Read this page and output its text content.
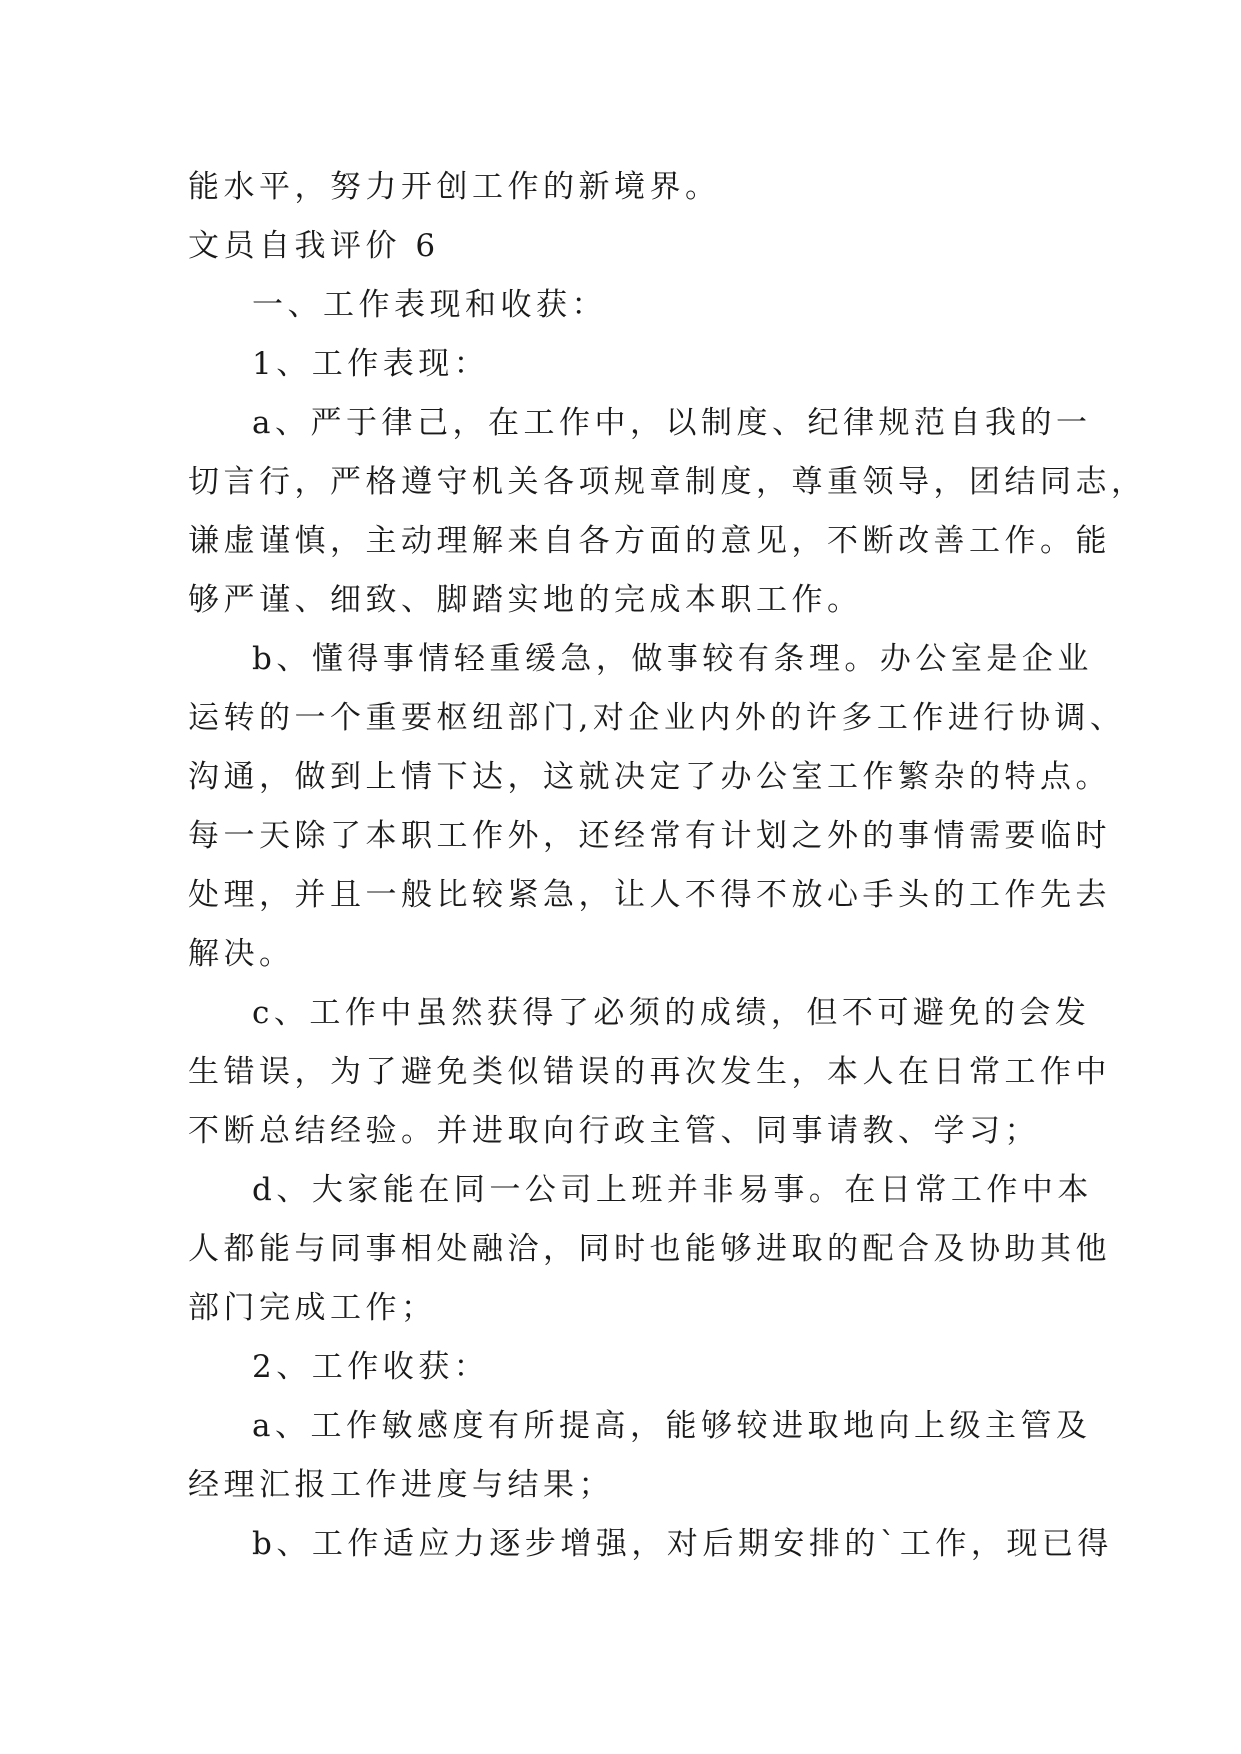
能水平，努力开创工作的新境界。
文员自我评价 6
一、工作表现和收获：
1、工作表现：
a、严于律己，在工作中，以制度、纪律规范自我的一
切言行，严格遵守机关各项规章制度，尊重领导，团结同志，
谦虚谨慎，主动理解来自各方面的意见，不断改善工作。能
够严谨、细致、脚踏实地的完成本职工作。
b、懂得事情轻重缓急，做事较有条理。办公室是企业
运转的一个重要枢纽部门,对企业内外的许多工作进行协调、
沟通，做到上情下达，这就决定了办公室工作繁杂的特点。
每一天除了本职工作外，还经常有计划之外的事情需要临时
处理，并且一般比较紧急，让人不得不放心手头的工作先去
解决。
c、工作中虽然获得了必须的成绩，但不可避免的会发
生错误，为了避免类似错误的再次发生，本人在日常工作中
不断总结经验。并进取向行政主管、同事请教、学习；
d、大家能在同一公司上班并非易事。在日常工作中本
人都能与同事相处融洽，同时也能够进取的配合及协助其他
部门完成工作；
2、工作收获：
a、工作敏感度有所提高，能够较进取地向上级主管及
经理汇报工作进度与结果；
b、工作适应力逐步增强，对后期安排的`工作，现已得
